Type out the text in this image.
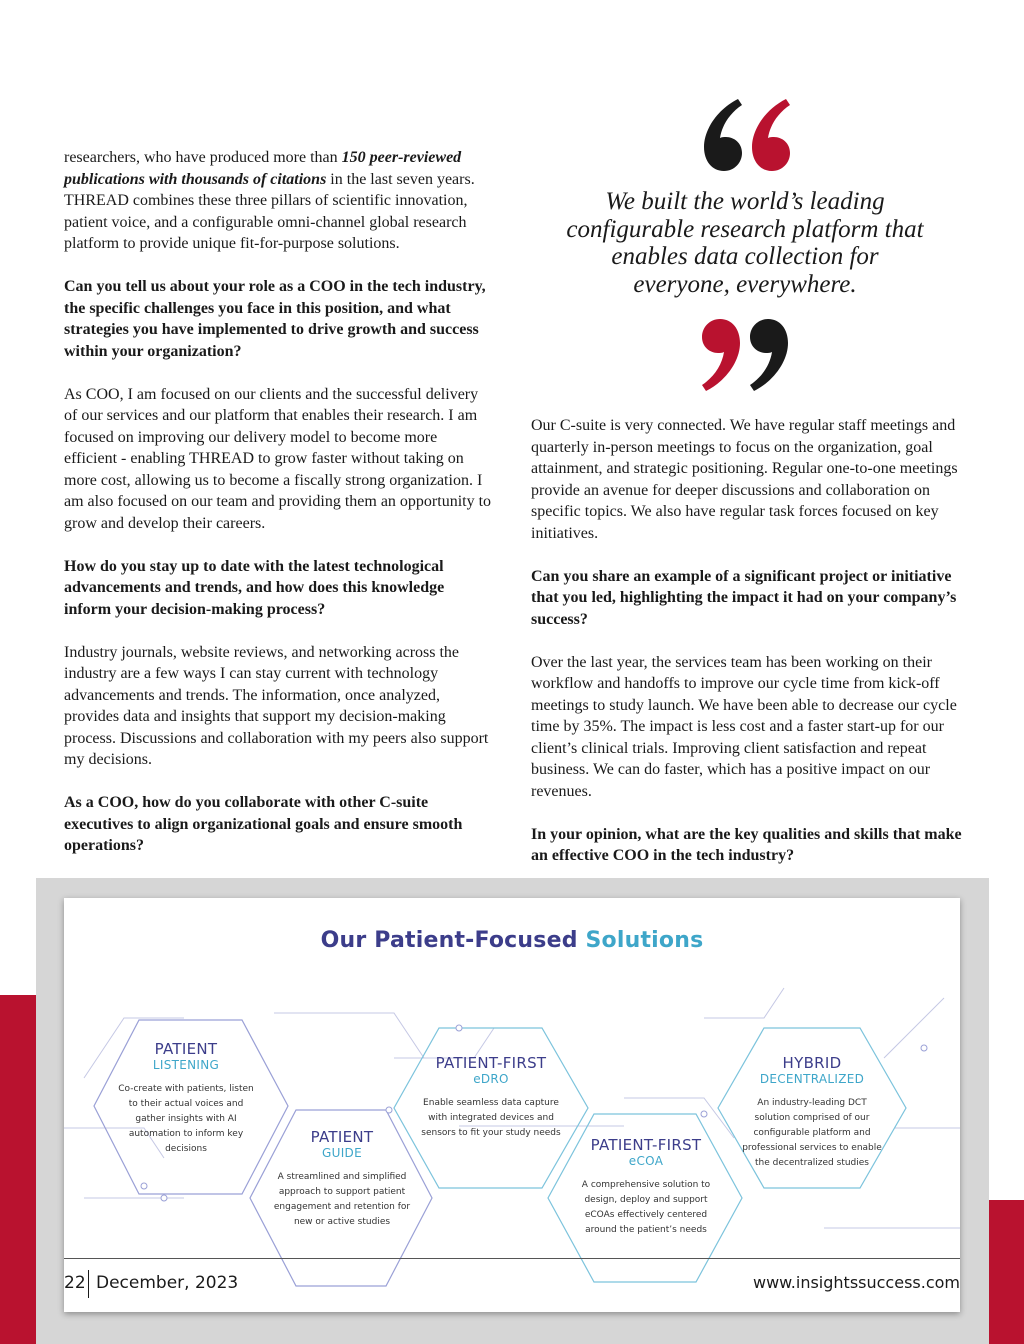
researchers, who have produced more than 150 peer-reviewed publications with thousands of citations in the last seven years. THREAD combines these three pillars of scientific innovation, patient voice, and a configurable omni-channel global research platform to provide unique fit-for-purpose solutions.

Can you tell us about your role as a COO in the tech industry, the specific challenges you face in this position, and what strategies you have implemented to drive growth and success within your organization?

As COO, I am focused on our clients and the successful delivery of our services and our platform that enables their research. I am focused on improving our delivery model to become more efficient - enabling THREAD to grow faster without taking on more cost, allowing us to become a fiscally strong organization. I am also focused on our team and providing them an opportunity to grow and develop their careers.

How do you stay up to date with the latest technological advancements and trends, and how does this knowledge inform your decision-making process?

Industry journals, website reviews, and networking across the industry are a few ways I can stay current with technology advancements and trends. The information, once analyzed, provides data and insights that support my decision-making process. Discussions and collaboration with my peers also support my decisions.

As a COO, how do you collaborate with other C-suite executives to align organizational goals and ensure smooth operations?

We built the world’s leading configurable research platform that enables data collection for everyone, everywhere.

Our C-suite is very connected. We have regular staff meetings and quarterly in-person meetings to focus on the organization, goal attainment, and strategic positioning. Regular one-to-one meetings provide an avenue for deeper discussions and collaboration on specific topics. We also have regular task forces focused on key initiatives.

Can you share an example of a significant project or initiative that you led, highlighting the impact it had on your company’s success?

Over the last year, the services team has been working on their workflow and handoffs to improve our cycle time from kick-off meetings to study launch. We have been able to decrease our cycle time by 35%. The impact is less cost and a faster start-up for our client’s clinical trials. Improving client satisfaction and repeat business. We can do faster, which has a positive impact on our revenues.

In your opinion, what are the key qualities and skills that make an effective COO in the tech industry?

Our Patient-Focused Solutions
PATIENT
LISTENING
Co-create with patients, listen to their actual voices and gather insights with AI automation to inform key decisions
PATIENT
GUIDE
A streamlined and simplified approach to support patient engagement and retention for new or active studies
PATIENT-FIRST
eDRO
Enable seamless data capture with integrated devices and sensors to fit your study needs
PATIENT-FIRST
eCOA
A comprehensive solution to design, deploy and support eCOAs effectively centered around the patient’s needs
HYBRID
DECENTRALIZED
An industry-leading DCT solution comprised of our configurable platform and professional services to enable the decentralized studies
22 December, 2023	www.insightssuccess.com
